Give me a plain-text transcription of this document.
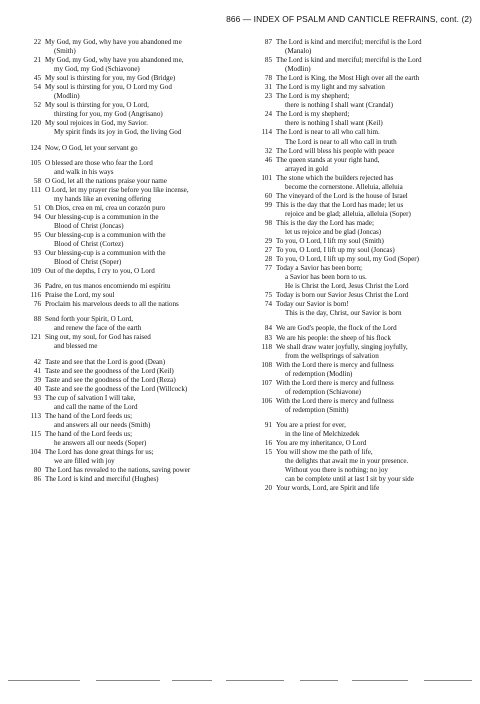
866 — INDEX OF PSALM AND CANTICLE REFRAINS, cont. (2)
22 My God, my God, why have you abandoned me
(Smith)
21 My God, my God, why have you abandoned me,
my God, my God (Schiavone)
45 My soul is thirsting for you, my God (Bridge)
54 My soul is thirsting for you, O Lord my God
(Modlin)
52 My soul is thirsting for you, O Lord,
thirsting for you, my God (Angrisano)
120 My soul rejoices in God, my Savior.
My spirit finds its joy in God, the living God
124 Now, O God, let your servant go
105 O blessed are those who fear the Lord
and walk in his ways
58 O God, let all the nations praise your name
111 O Lord, let my prayer rise before you like incense,
my hands like an evening offering
51 Oh Dios, crea en mí, crea un corazón puro
94 Our blessing-cup is a communion in the
Blood of Christ (Joncas)
95 Our blessing-cup is a communion with the
Blood of Christ (Cortez)
93 Our blessing-cup is a communion with the
Blood of Christ (Soper)
109 Out of the depths, I cry to you, O Lord
36 Padre, en tus manos encomiendo mi espíritu
116 Praise the Lord, my soul
76 Proclaim his marvelous deeds to all the nations
88 Send forth your Spirit, O Lord,
and renew the face of the earth
121 Sing out, my soul, for God has raised
and blessed me
42 Taste and see that the Lord is good (Dean)
41 Taste and see the goodness of the Lord (Keil)
39 Taste and see the goodness of the Lord (Reza)
40 Taste and see the goodness of the Lord (Willcock)
93 The cup of salvation I will take,
and call the name of the Lord
113 The hand of the Lord feeds us;
and answers all our needs (Smith)
115 The hand of the Lord feeds us;
he answers all our needs (Soper)
104 The Lord has done great things for us;
we are filled with joy
80 The Lord has revealed to the nations, saving power
86 The Lord is kind and merciful (Hughes)
87 The Lord is kind and merciful; merciful is the Lord
(Manalo)
85 The Lord is kind and merciful; merciful is the Lord
(Modlin)
78 The Lord is King, the Most High over all the earth
31 The Lord is my light and my salvation
23 The Lord is my shepherd;
there is nothing I shall want (Crandal)
24 The Lord is my shepherd;
there is nothing I shall want (Keil)
114 The Lord is near to all who call him.
The Lord is near to all who call in truth
32 The Lord will bless his people with peace
46 The queen stands at your right hand,
arrayed in gold
101 The stone which the builders rejected has
become the cornerstone. Alleluia, alleluia
60 The vineyard of the Lord is the house of Israel
99 This is the day that the Lord has made; let us
rejoice and be glad; alleluia, alleluia (Soper)
98 This is the day the Lord has made;
let us rejoice and be glad (Joncas)
29 To you, O Lord, I lift my soul (Smith)
27 To you, O Lord, I lift up my soul (Joncas)
28 To you, O Lord, I lift up my soul, my God (Soper)
77 Today a Savior has been born;
a Savior has been born to us.
He is Christ the Lord, Jesus Christ the Lord
75 Today is born our Savior Jesus Christ the Lord
74 Today our Savior is born!
This is the day, Christ, our Savior is born
84 We are God's people, the flock of the Lord
83 We are his people: the sheep of his flock
118 We shall draw water joyfully, singing joyfully,
from the wellsprings of salvation
108 With the Lord there is mercy and fullness
of redemption (Modlin)
107 With the Lord there is mercy and fullness
of redemption (Schiavone)
106 With the Lord there is mercy and fullness
of redemption (Smith)
91 You are a priest for ever,
in the line of Melchizedek
16 You are my inheritance, O Lord
15 You will show me the path of life,
the delights that await me in your presence.
Without you there is nothing; no joy
can be complete until at last I sit by your side
20 Your words, Lord, are Spirit and life
